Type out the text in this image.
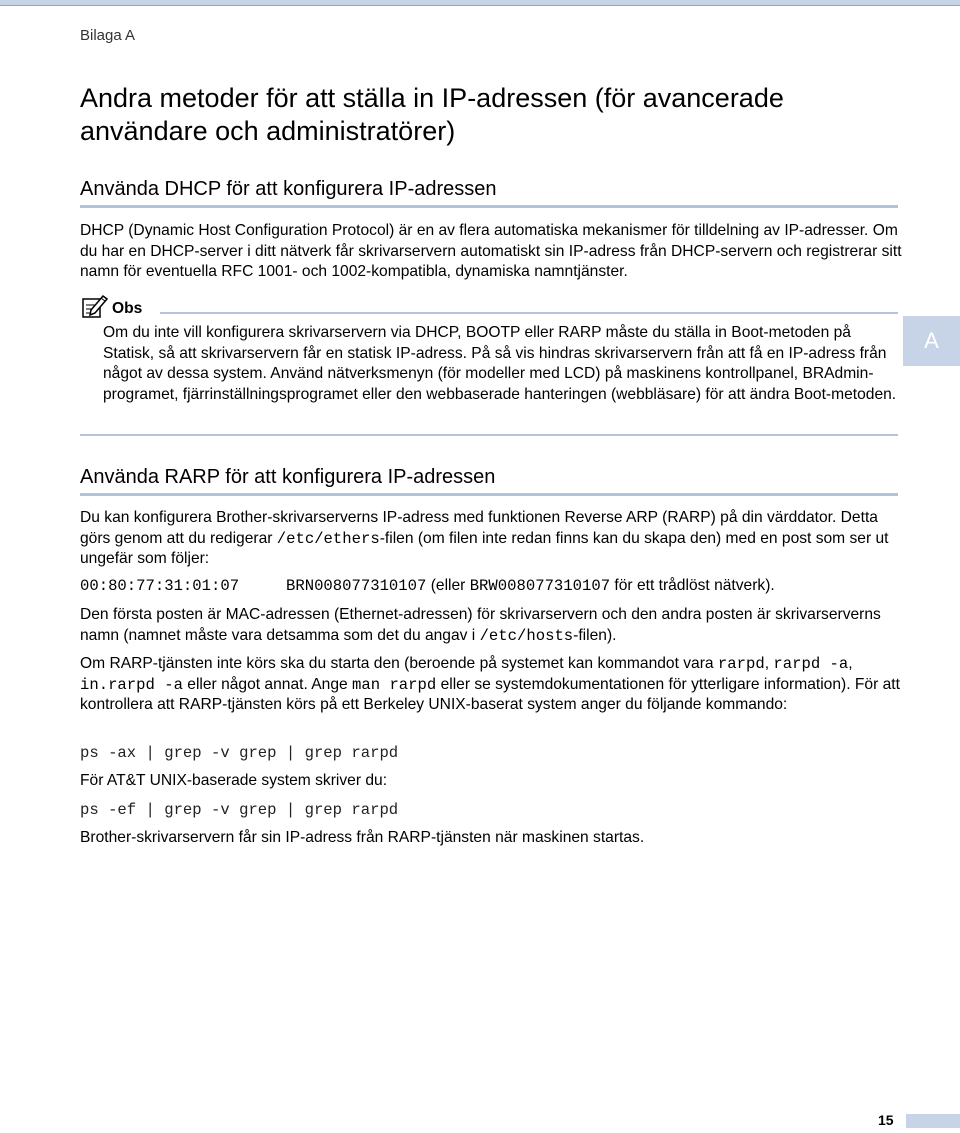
Bilaga A
Andra metoder för att ställa in IP-adressen (för avancerade användare och administratörer)
Använda DHCP för att konfigurera IP-adressen
DHCP (Dynamic Host Configuration Protocol) är en av flera automatiska mekanismer för tilldelning av IP-adresser. Om du har en DHCP-server i ditt nätverk får skrivarservern automatiskt sin IP-adress från DHCP-servern och registrerar sitt namn för eventuella RFC 1001- och 1002-kompatibla, dynamiska namntjänster.
Obs
Om du inte vill konfigurera skrivarservern via DHCP, BOOTP eller RARP måste du ställa in Boot-metoden på Statisk, så att skrivarservern får en statisk IP-adress. På så vis hindras skrivarservern från att få en IP-adress från något av dessa system. Använd nätverksmenyn (för modeller med LCD) på maskinens kontrollpanel, BRAdmin-programet, fjärrinställningsprogramet eller den webbaserade hanteringen (webbläsare) för att ändra Boot-metoden.
A
Använda RARP för att konfigurera IP-adressen
Du kan konfigurera Brother-skrivarserverns IP-adress med funktionen Reverse ARP (RARP) på din värddator. Detta görs genom att du redigerar /etc/ethers-filen (om filen inte redan finns kan du skapa den) med en post som ser ut ungefär som följer:
00:80:77:31:01:07	BRN008077310107 (eller BRW008077310107 för ett trådlöst nätverk).
Den första posten är MAC-adressen (Ethernet-adressen) för skrivarservern och den andra posten är skrivarserverns namn (namnet måste vara detsamma som det du angav i /etc/hosts-filen).
Om RARP-tjänsten inte körs ska du starta den (beroende på systemet kan kommandot vara rarpd, rarpd -a, in.rarpd -a eller något annat. Ange man rarpd eller se systemdokumentationen för ytterligare information). För att kontrollera att RARP-tjänsten körs på ett Berkeley UNIX-baserat system anger du följande kommando:
ps -ax | grep -v grep | grep rarpd
För AT&T UNIX-baserade system skriver du:
ps -ef | grep -v grep | grep rarpd
Brother-skrivarservern får sin IP-adress från RARP-tjänsten när maskinen startas.
15
